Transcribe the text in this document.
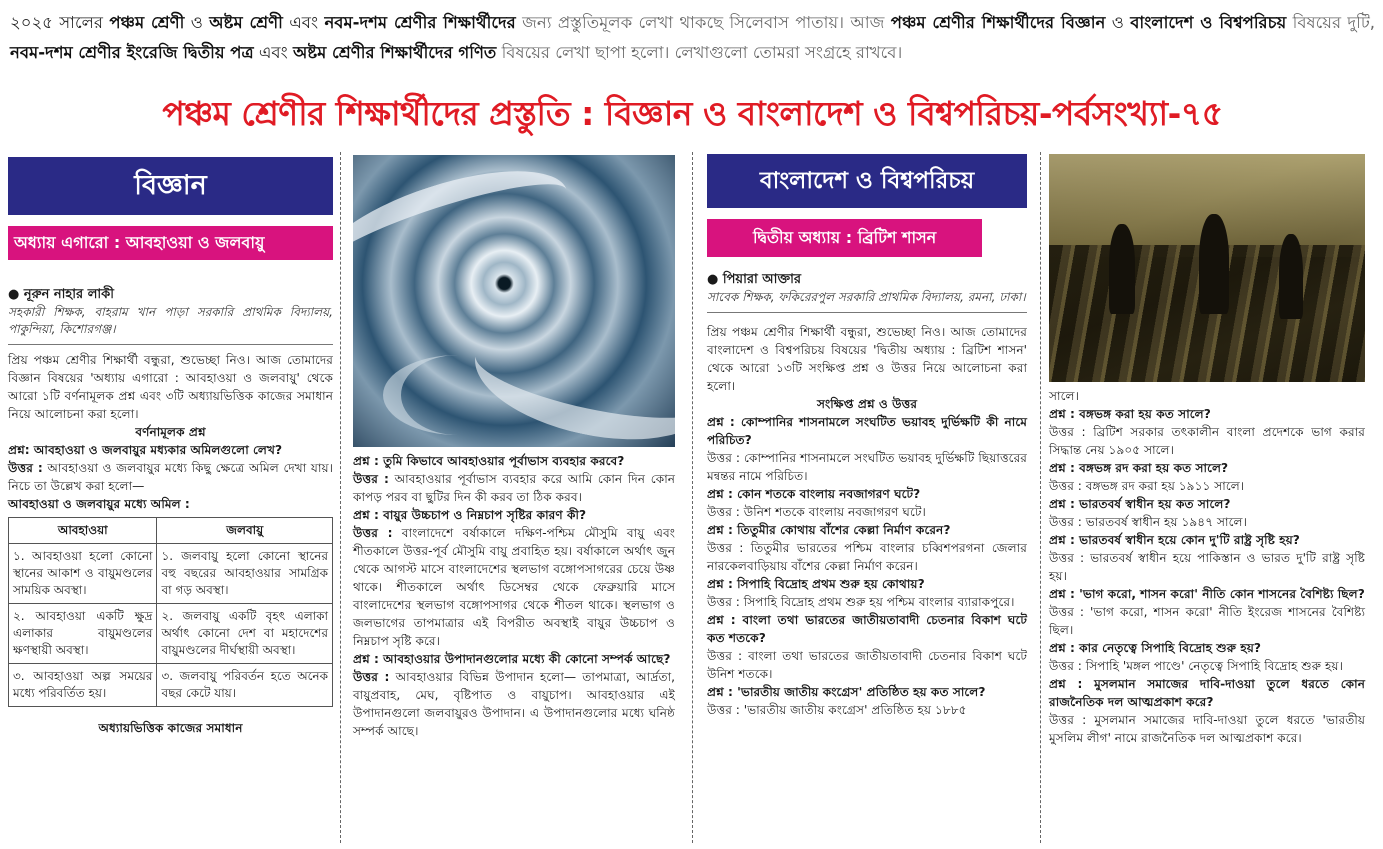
২০২৫ সালের পঞ্চম শ্রেণী ও অষ্টম শ্রেণী এবং নবম-দশম শ্রেণীর শিক্ষার্থীদের জন্য প্রস্তুতিমূলক লেখা থাকছে সিলেবাস পাতায়। আজ পঞ্চম শ্রেণীর শিক্ষার্থীদের বিজ্ঞান ও বাংলাদেশ ও বিশ্বপরিচয় বিষয়ের দুটি, নবম-দশম শ্রেণীর ইংরেজি দ্বিতীয় পত্র এবং অষ্টম শ্রেণীর শিক্ষার্থীদের গণিত বিষয়ের লেখা ছাপা হলো। লেখাগুলো তোমরা সংগ্রহে রাখবে।
পঞ্চম শ্রেণীর শিক্ষার্থীদের প্রস্তুতি : বিজ্ঞান ও বাংলাদেশ ও বিশ্বপরিচয়-পর্বসংখ্যা-৭৫
বিজ্ঞান
অধ্যায় এগারো : আবহাওয়া ও জলবায়ু
● নূরুন নাহার লাকী
সহকারী শিক্ষক, বাহরাম খান পাড়া সরকারি প্রাথমিক বিদ্যালয়, পাকুন্দিয়া, কিশোরগঞ্জ।

প্রিয় পঞ্চম শ্রেণীর শিক্ষার্থী বন্ধুরা, শুভেচ্ছা নিও। আজ তোমাদের বিজ্ঞান বিষয়ের 'অধ্যায় এগারো : আবহাওয়া ও জলবায়ু' থেকে আরো ১টি বর্ণনামূলক প্রশ্ন এবং ৩টি অধ্যায়ভিত্তিক কাজের সমাধান নিয়ে আলোচনা করা হলো।

বর্ণনামূলক প্রশ্ন

প্রশ্ন: আবহাওয়া ও জলবায়ুর মধ্যকার অমিলগুলো লেখ?

উত্তর : আবহাওয়া ও জলবায়ুর মধ্যে কিছু ক্ষেত্রে অমিল দেখা যায়। নিচে তা উল্লেখ করা হলো—

আবহাওয়া ও জলবায়ুর মধ্যে অমিল :

আবহাওয়া	জলবায়ু
১. আবহাওয়া হলো কোনো স্থানের আকাশ ও বায়ুমণ্ডলের সাময়িক অবস্থা।	১. জলবায়ু হলো কোনো স্থানের বহু বছরের আবহাওয়ার সামগ্রিক বা গড় অবস্থা।
২. আবহাওয়া একটি ক্ষুদ্র এলাকার বায়ুমণ্ডলের ক্ষণস্থায়ী অবস্থা।	২. জলবায়ু একটি বৃহৎ এলাকা অর্থাৎ কোনো দেশ বা মহাদেশের বায়ুমণ্ডলের দীর্ঘস্থায়ী অবস্থা।
৩. আবহাওয়া অল্প সময়ের মধ্যে পরিবর্তিত হয়।	৩. জলবায়ু পরিবর্তন হতে অনেক বছর কেটে যায়।

অধ্যায়ভিত্তিক কাজের সমাধান

প্রশ্ন : তুমি কিভাবে আবহাওয়ার পূর্বাভাস ব্যবহার করবে?

উত্তর : আবহাওয়ার পূর্বাভাস ব্যবহার করে আমি কোন দিন কোন কাপড় পরব বা ছুটির দিন কী করব তা ঠিক করব।

প্রশ্ন : বায়ুর উচ্চচাপ ও নিম্নচাপ সৃষ্টির কারণ কী?

উত্তর : বাংলাদেশে বর্ষাকালে দক্ষিণ-পশ্চিম মৌসুমি বায়ু এবং শীতকালে উত্তর-পূর্ব মৌসুমি বায়ু প্রবাহিত হয়। বর্ষাকালে অর্থাৎ জুন থেকে আগস্ট মাসে বাংলাদেশের স্থলভাগ বঙ্গোপসাগরের চেয়ে উষ্ণ থাকে। শীতকালে অর্থাৎ ডিসেম্বর থেকে ফেব্রুয়ারি মাসে বাংলাদেশের স্থলভাগ বঙ্গোপসাগর থেকে শীতল থাকে। স্থলভাগ ও জলভাগের তাপমাত্রার এই বিপরীত অবস্থাই বায়ুর উচ্চচাপ ও নিম্নচাপ সৃষ্টি করে।

প্রশ্ন : আবহাওয়ার উপাদানগুলোর মধ্যে কী কোনো সম্পর্ক আছে?

উত্তর : আবহাওয়ার বিভিন্ন উপাদান হলো— তাপমাত্রা, আর্দ্রতা, বায়ুপ্রবাহ, মেঘ, বৃষ্টিপাত ও বায়ুচাপ। আবহাওয়ার এই উপাদানগুলো জলবায়ুরও উপাদান। এ উপাদানগুলোর মধ্যে ঘনিষ্ঠ সম্পর্ক আছে।

বাংলাদেশ ও বিশ্বপরিচয়
দ্বিতীয় অধ্যায় : ব্রিটিশ শাসন
● পিয়ারা আক্তার
সাবেক শিক্ষক, ফকিরেরপুল সরকারি প্রাথমিক বিদ্যালয়, রমনা, ঢাকা।

প্রিয় পঞ্চম শ্রেণীর শিক্ষার্থী বন্ধুরা, শুভেচ্ছা নিও। আজ তোমাদের বাংলাদেশ ও বিশ্বপরিচয় বিষয়ের 'দ্বিতীয় অধ্যায় : ব্রিটিশ শাসন' থেকে আরো ১৩টি সংক্ষিপ্ত প্রশ্ন ও উত্তর নিয়ে আলোচনা করা হলো।

সংক্ষিপ্ত প্রশ্ন ও উত্তর

প্রশ্ন : কোম্পানির শাসনামলে সংঘটিত ভয়াবহ দুর্ভিক্ষটি কী নামে পরিচিত?

উত্তর : কোম্পানির শাসনামলে সংঘটিত ভয়াবহ দুর্ভিক্ষটি ছিয়াত্তরের মন্বন্তর নামে পরিচিত।

প্রশ্ন : কোন শতকে বাংলায় নবজাগরণ ঘটে?

উত্তর : উনিশ শতকে বাংলায় নবজাগরণ ঘটে।

প্রশ্ন : তিতুমীর কোথায় বাঁশের কেল্লা নির্মাণ করেন?

উত্তর : তিতুমীর ভারতের পশ্চিম বাংলার চব্বিশপরগনা জেলার নারকেলবাড়িয়ায় বাঁশের কেল্লা নির্মাণ করেন।

প্রশ্ন : সিপাহি বিদ্রোহ প্রথম শুরু হয় কোথায়?

উত্তর : সিপাহি বিদ্রোহ প্রথম শুরু হয় পশ্চিম বাংলার ব্যারাকপুরে।

প্রশ্ন : বাংলা তথা ভারতের জাতীয়তাবাদী চেতনার বিকাশ ঘটে কত শতকে?

উত্তর : বাংলা তথা ভারতের জাতীয়তাবাদী চেতনার বিকাশ ঘটে উনিশ শতকে।

প্রশ্ন : 'ভারতীয় জাতীয় কংগ্রেস' প্রতিষ্ঠিত হয় কত সালে?

উত্তর : 'ভারতীয় জাতীয় কংগ্রেস' প্রতিষ্ঠিত হয় ১৮৮৫

সালে।

প্রশ্ন : বঙ্গভঙ্গ করা হয় কত সালে?

উত্তর : ব্রিটিশ সরকার তৎকালীন বাংলা প্রদেশকে ভাগ করার সিদ্ধান্ত নেয় ১৯০৫ সালে।

প্রশ্ন : বঙ্গভঙ্গ রদ করা হয় কত সালে?

উত্তর : বঙ্গভঙ্গ রদ করা হয় ১৯১১ সালে।

প্রশ্ন : ভারতবর্ষ স্বাধীন হয় কত সালে?

উত্তর : ভারতবর্ষ স্বাধীন হয় ১৯৪৭ সালে।

প্রশ্ন : ভারতবর্ষ স্বাধীন হয়ে কোন দু'টি রাষ্ট্র সৃষ্টি হয়?

উত্তর : ভারতবর্ষ স্বাধীন হয়ে পাকিস্তান ও ভারত দু'টি রাষ্ট্র সৃষ্টি হয়।

প্রশ্ন : 'ভাগ করো, শাসন করো' নীতি কোন শাসনের বৈশিষ্ট্য ছিল?

উত্তর : 'ভাগ করো, শাসন করো' নীতি ইংরেজ শাসনের বৈশিষ্ট্য ছিল।

প্রশ্ন : কার নেতৃত্বে সিপাহি বিদ্রোহ শুরু হয়?

উত্তর : সিপাহি 'মঙ্গল পাণ্ডে' নেতৃত্বে সিপাহি বিদ্রোহ শুরু হয়।

প্রশ্ন : মুসলমান সমাজের দাবি-দাওয়া তুলে ধরতে কোন রাজনৈতিক দল আত্মপ্রকাশ করে?

উত্তর : মুসলমান সমাজের দাবি-দাওয়া তুলে ধরতে 'ভারতীয় মুসলিম লীগ' নামে রাজনৈতিক দল আত্মপ্রকাশ করে।
